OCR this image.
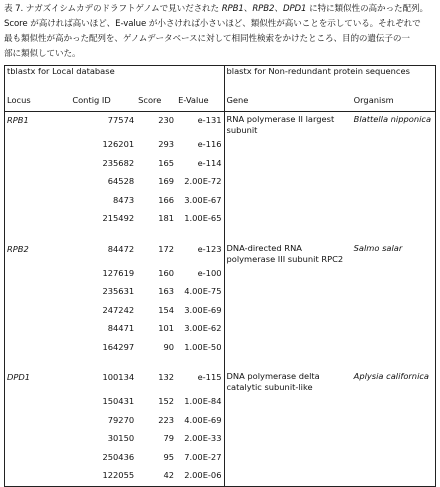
表 7. ナガズイシムカデのドラフトゲノムで見いだされた RPB1、RPB2、DPD1 に特に類似性の高かった配列。
Score が高ければ高いほど、E-value が小さければ小さいほど、類似性が高いことを示している。それぞれで
最も類似性が高かった配列を、ゲノムデータベースに対して相同性検索をかけたところ、目的の遺伝子の一
部に類似していた。
tblastx for Local database				blastx for Non-redundant protein sequences	
Locus	Contig ID	Score	E-Value	Gene	Organism
RPB1	77574	230	e-131	RNA polymerase II largest subunit	Blattella nipponica
	126201	293	e-116		
	235682	165	e-114		
	64528	169	2.00E-72		
	8473	166	3.00E-67		
	215492	181	1.00E-65		

RPB2	84472	172	e-123	DNA-directed RNA polymerase III subunit RPC2	Salmo salar
	127619	160	e-100		
	235631	163	4.00E-75		
	247242	154	3.00E-69		
	84471	101	3.00E-62		
	164297	90	1.00E-50		

DPD1	100134	132	e-115	DNA polymerase delta catalytic subunit-like	Aplysia californica
	150431	152	1.00E-84		
	79270	223	4.00E-69		
	30150	79	2.00E-33		
	250436	95	7.00E-27		
	122055	42	2.00E-06		
